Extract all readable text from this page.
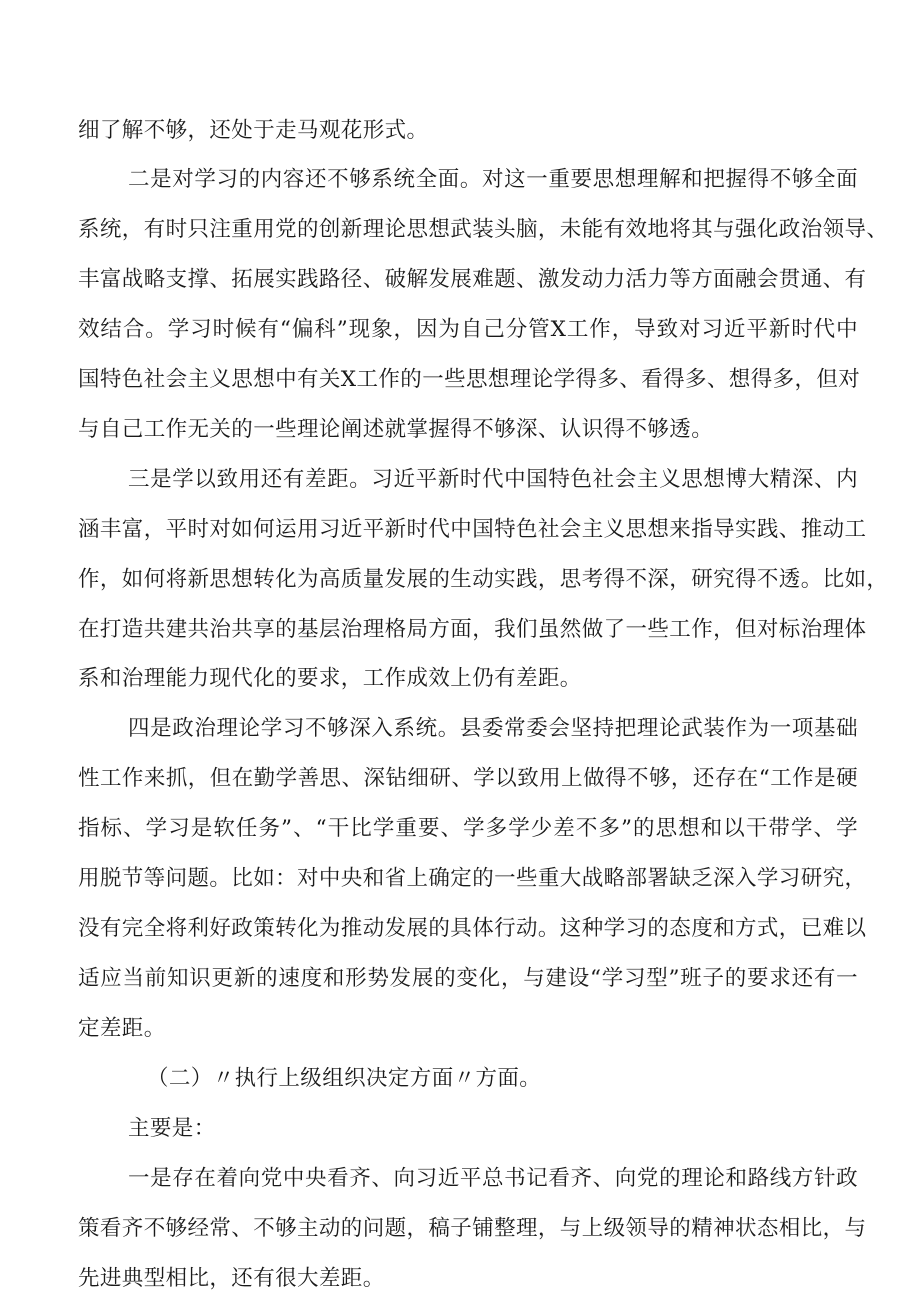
细了解不够，还处于走马观花形式。

二是对学习的内容还不够系统全面。对这一重要思想理解和把握得不够全面

系统，有时只注重用党的创新理论思想武装头脑，未能有效地将其与强化政治领导、

丰富战略支撑、拓展实践路径、破解发展难题、激发动力活力等方面融会贯通、有

效结合。学习时候有“偏科”现象，因为自己分管X工作，导致对习近平新时代中

国特色社会主义思想中有关X工作的一些思想理论学得多、看得多、想得多，但对

与自己工作无关的一些理论阐述就掌握得不够深、认识得不够透。

三是学以致用还有差距。习近平新时代中国特色社会主义思想博大精深、内

涵丰富，平时对如何运用习近平新时代中国特色社会主义思想来指导实践、推动工

作，如何将新思想转化为高质量发展的生动实践，思考得不深，研究得不透。比如，

在打造共建共治共享的基层治理格局方面，我们虽然做了一些工作，但对标治理体

系和治理能力现代化的要求，工作成效上仍有差距。

四是政治理论学习不够深入系统。县委常委会坚持把理论武装作为一项基础

性工作来抓，但在勤学善思、深钻细研、学以致用上做得不够，还存在“工作是硬

指标、学习是软任务”、“干比学重要、学多学少差不多”的思想和以干带学、学

用脱节等问题。比如：对中央和省上确定的一些重大战略部署缺乏深入学习研究，

没有完全将利好政策转化为推动发展的具体行动。这种学习的态度和方式，已难以

适应当前知识更新的速度和形势发展的变化，与建设“学习型”班子的要求还有一

定差距。

（二）〃执行上级组织决定方面〃方面。

主要是：

一是存在着向党中央看齐、向习近平总书记看齐、向党的理论和路线方针政

策看齐不够经常、不够主动的问题，稿子铺整理，与上级领导的精神状态相比，与

先进典型相比，还有很大差距。
